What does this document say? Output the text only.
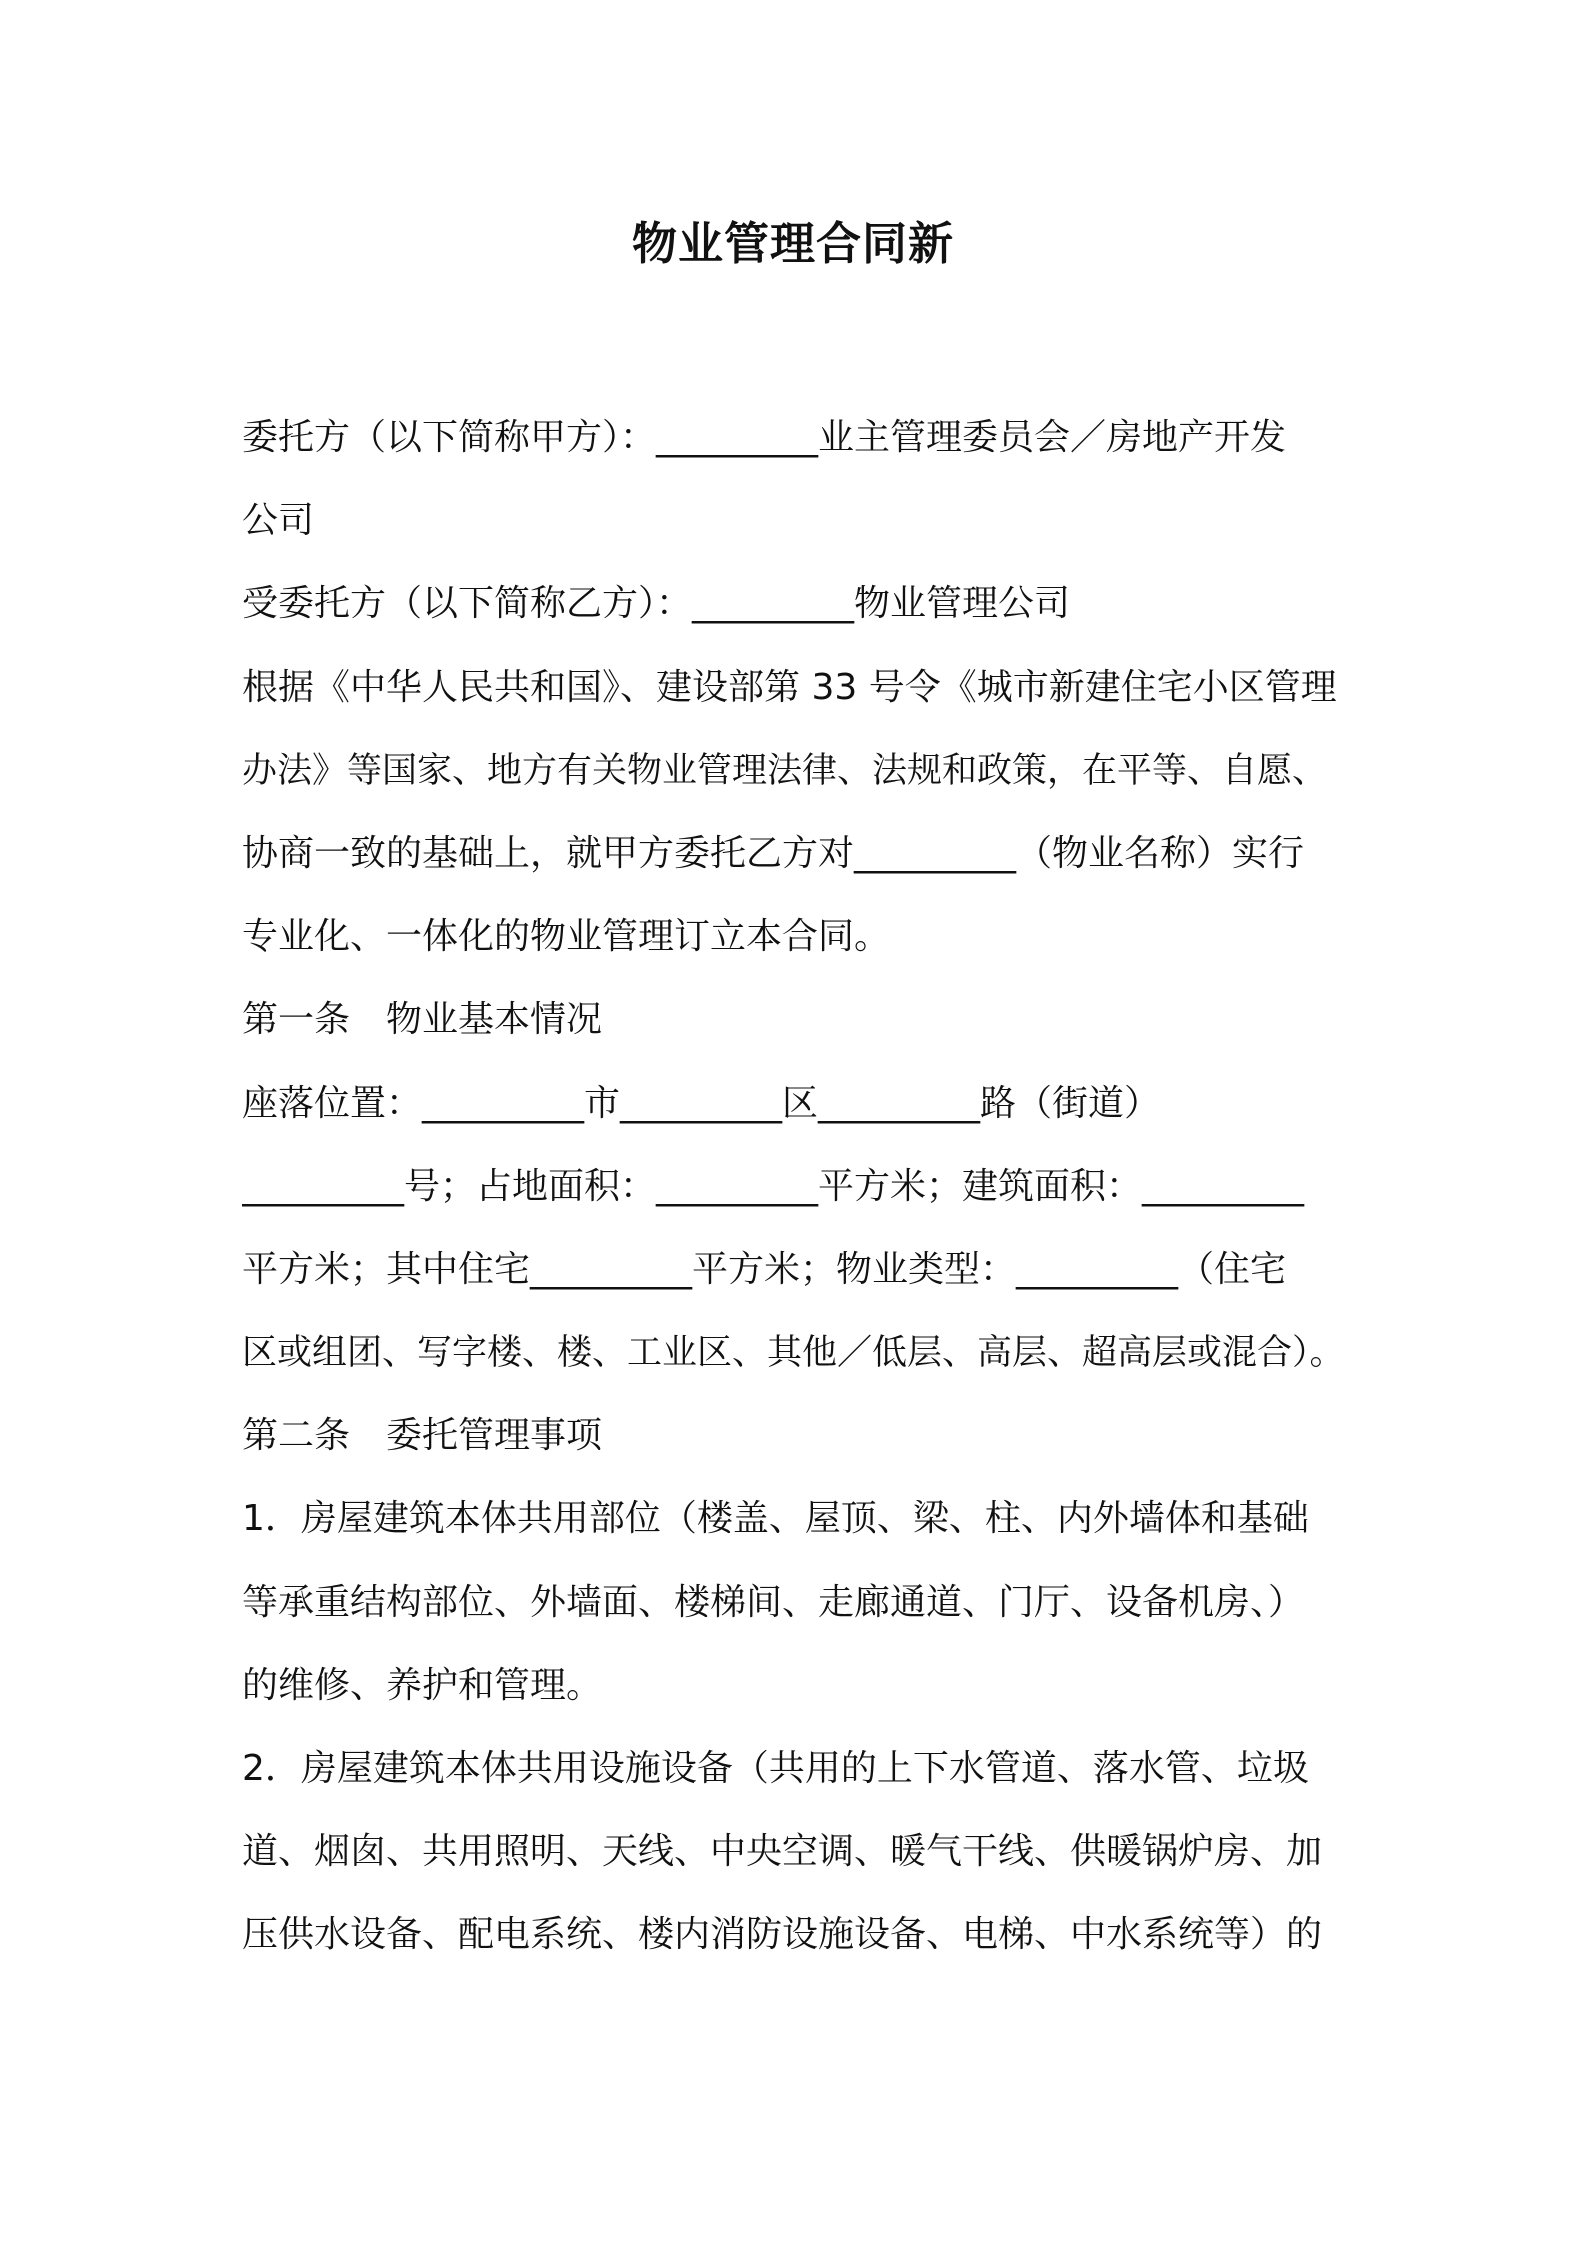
物业管理合同新
委托方（以下简称甲方）：_________业主管理委员会／房地产开发
公司
受委托方（以下简称乙方）：_________物业管理公司
根据《中华人民共和国》、建设部第 33 号令《城市新建住宅小区管理
办法》等国家、地方有关物业管理法律、法规和政策，在平等、自愿、
协商一致的基础上，就甲方委托乙方对_________（物业名称）实行
专业化、一体化的物业管理订立本合同。
第一条　物业基本情况
座落位置：_________市_________区_________路（街道）
_________号；占地面积：_________平方米；建筑面积：_________
平方米；其中住宅_________平方米；物业类型：_________（住宅
区或组团、写字楼、楼、工业区、其他／低层、高层、超高层或混合）。
第二条　委托管理事项
1．房屋建筑本体共用部位（楼盖、屋顶、梁、柱、内外墙体和基础
等承重结构部位、外墙面、楼梯间、走廊通道、门厅、设备机房、）
的维修、养护和管理。
2．房屋建筑本体共用设施设备（共用的上下水管道、落水管、垃圾
道、烟囱、共用照明、天线、中央空调、暖气干线、供暖锅炉房、加
压供水设备、配电系统、楼内消防设施设备、电梯、中水系统等）的
